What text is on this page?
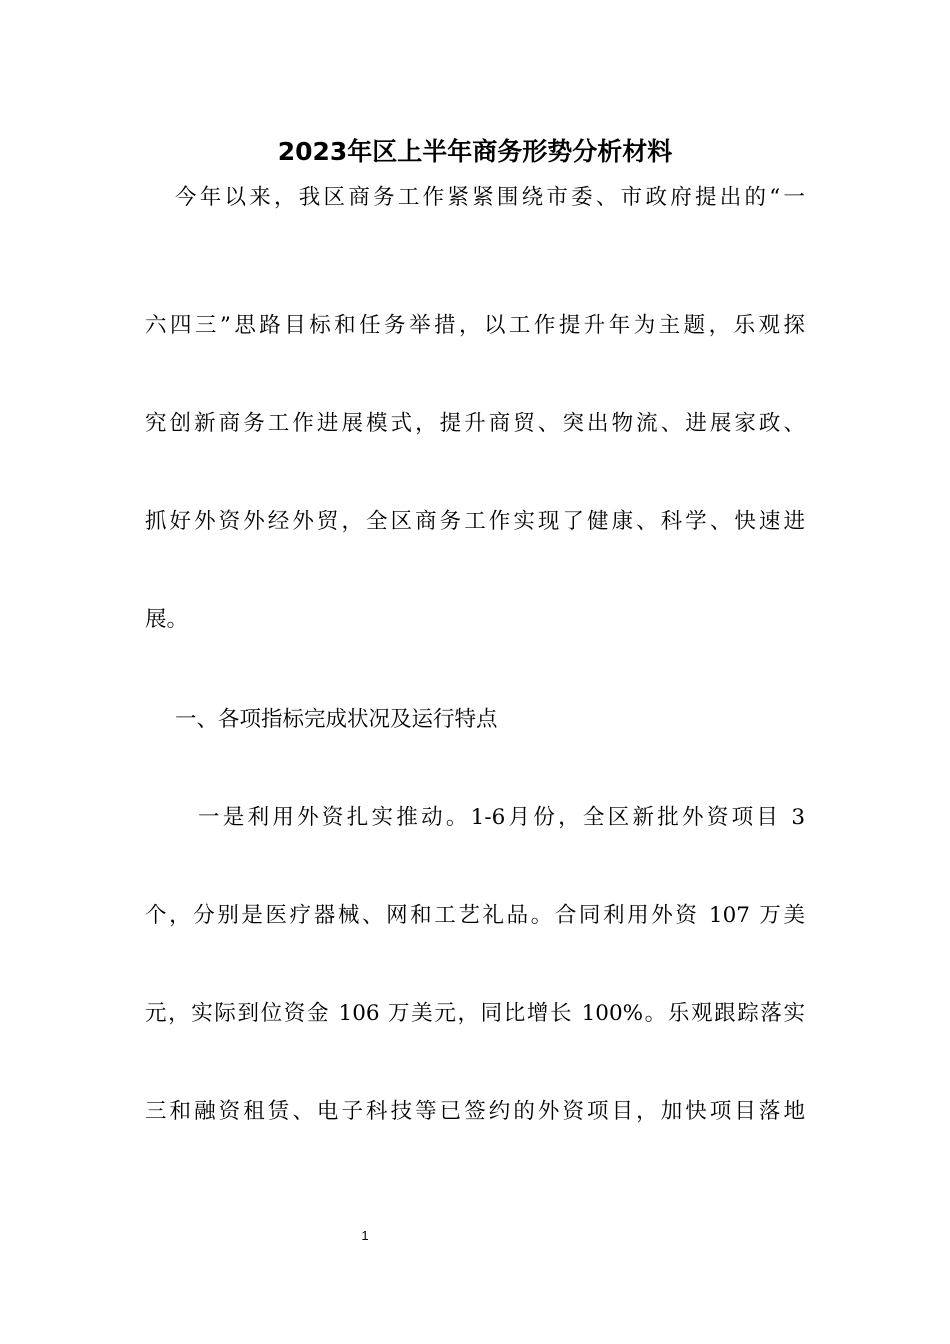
2023年区上半年商务形势分析材料
今年以来，我区商务工作紧紧围绕市委、市政府提出的“一
六四三”思路目标和任务举措，以工作提升年为主题，乐观探
究创新商务工作进展模式，提升商贸、突出物流、进展家政、
抓好外资外经外贸，全区商务工作实现了健康、科学、快速进
展。
一、各项指标完成状况及运行特点
一是利用外资扎实推动。1-6月份，全区新批外资项目 3
个，分别是医疗器械、网和工艺礼品。合同利用外资 107 万美
元，实际到位资金 106 万美元，同比增长 100%。乐观跟踪落实
三和融资租赁、电子科技等已签约的外资项目，加快项目落地
1
